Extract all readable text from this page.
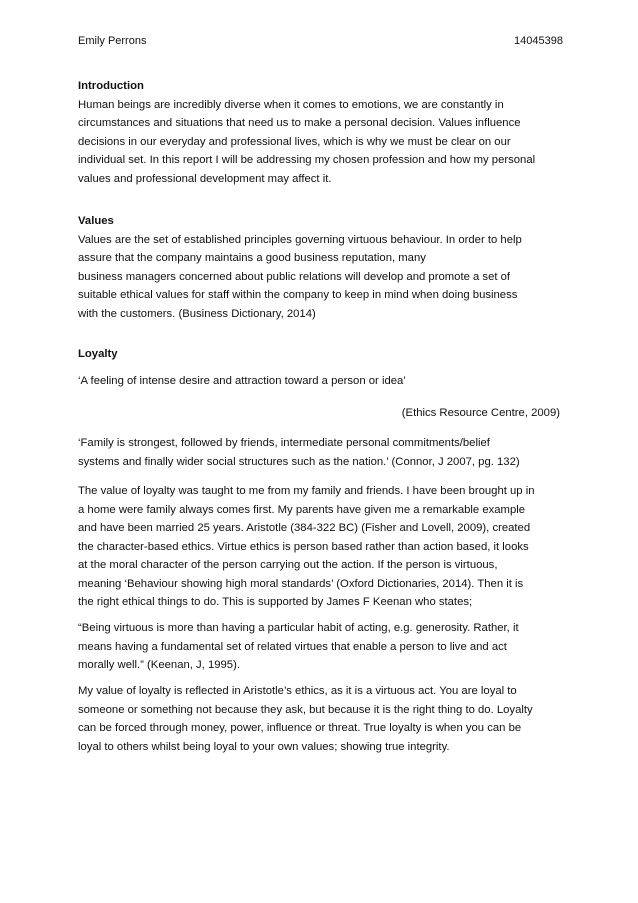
Emily Perrons	14045398
Introduction
Human beings are incredibly diverse when it comes to emotions, we are constantly in
circumstances and situations that need us to make a personal decision. Values influence
decisions in our everyday and professional lives, which is why we must be clear on our
individual set. In this report I will be addressing my chosen profession and how my personal
values and professional development may affect it.
Values
Values are the set of established principles governing virtuous behaviour. In order to help
assure that the company maintains a good business reputation, many
business managers concerned about public relations will develop and promote a set of
suitable ethical values for staff within the company to keep in mind when doing business
with the customers. (Business Dictionary, 2014)
Loyalty
‘A feeling of intense desire and attraction toward a person or idea’
(Ethics Resource Centre, 2009)
‘Family is strongest, followed by friends, intermediate personal commitments/belief
systems and finally wider social structures such as the nation.’ (Connor, J 2007, pg. 132)
The value of loyalty was taught to me from my family and friends. I have been brought up in
a home were family always comes first. My parents have given me a remarkable example
and have been married 25 years. Aristotle (384-322 BC) (Fisher and Lovell, 2009), created
the character-based ethics. Virtue ethics is person based rather than action based, it looks
at the moral character of the person carrying out the action. If the person is virtuous,
meaning ‘Behaviour showing high moral standards’ (Oxford Dictionaries, 2014). Then it is
the right ethical things to do. This is supported by James F Keenan who states;
“Being virtuous is more than having a particular habit of acting, e.g. generosity. Rather, it
means having a fundamental set of related virtues that enable a person to live and act
morally well.” (Keenan, J, 1995).
My value of loyalty is reflected in Aristotle’s ethics, as it is a virtuous act. You are loyal to
someone or something not because they ask, but because it is the right thing to do. Loyalty
can be forced through money, power, influence or threat. True loyalty is when you can be
loyal to others whilst being loyal to your own values; showing true integrity.
